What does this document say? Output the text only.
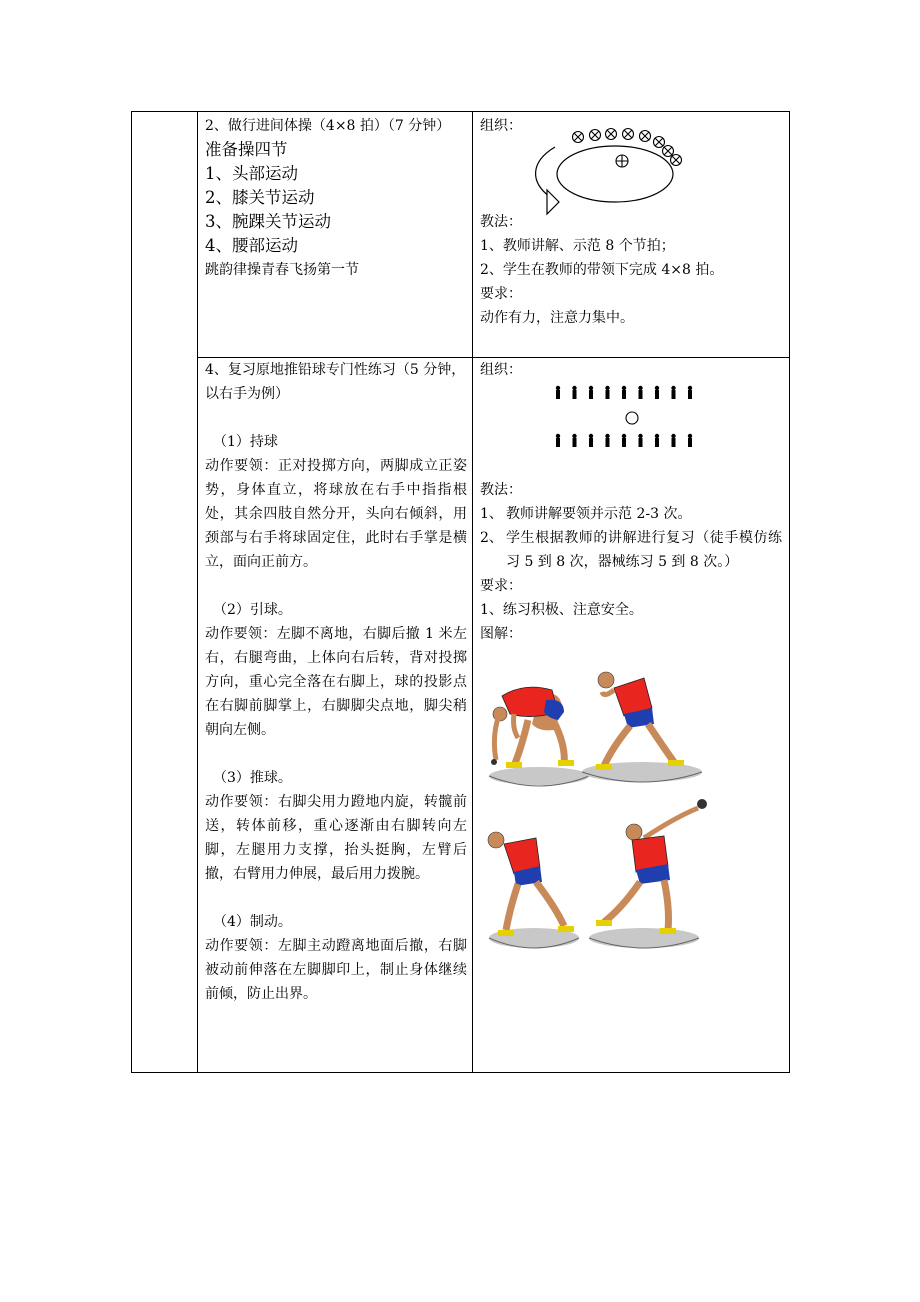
2、做行进间体操（4×8 拍）（7 分钟）

准备操四节

1、头部运动

2、膝关节运动

3、腕踝关节运动

4、腰部运动

跳韵律操青春飞扬第一节

组织：

教法：

1、教师讲解、示范 8 个节拍；

2、学生在教师的带领下完成 4×8 拍。

要求：

动作有力，注意力集中。

4、复习原地推铅球专门性练习（5 分钟，以右手为例）

（1）持球

动作要领：正对投掷方向，两脚成立正姿势，身体直立，将球放在右手中指指根处，其余四肢自然分开，头向右倾斜，用颈部与右手将球固定住，此时右手掌是横立，面向正前方。

（2）引球。

动作要领：左脚不离地，右脚后撤 1 米左右，右腿弯曲，上体向右后转，背对投掷方向，重心完全落在右脚上，球的投影点在右脚前脚掌上，右脚脚尖点地，脚尖稍朝向左侧。

（3）推球。

动作要领：右脚尖用力蹬地内旋，转髋前送，转体前移，重心逐渐由右脚转向左脚，左腿用力支撑，抬头挺胸，左臂后撤，右臂用力伸展，最后用力拨腕。

（4）制动。

动作要领：左脚主动蹬离地面后撤，右脚被动前伸落在左脚脚印上，制止身体继续前倾，防止出界。

组织：

教法：

1、 教师讲解要领并示范 2-3 次。
2、 学生根据教师的讲解进行复习（徒手模仿练习 5 到 8 次，器械练习 5 到 8 次。）

要求：

1、练习积极、注意安全。

图解：
